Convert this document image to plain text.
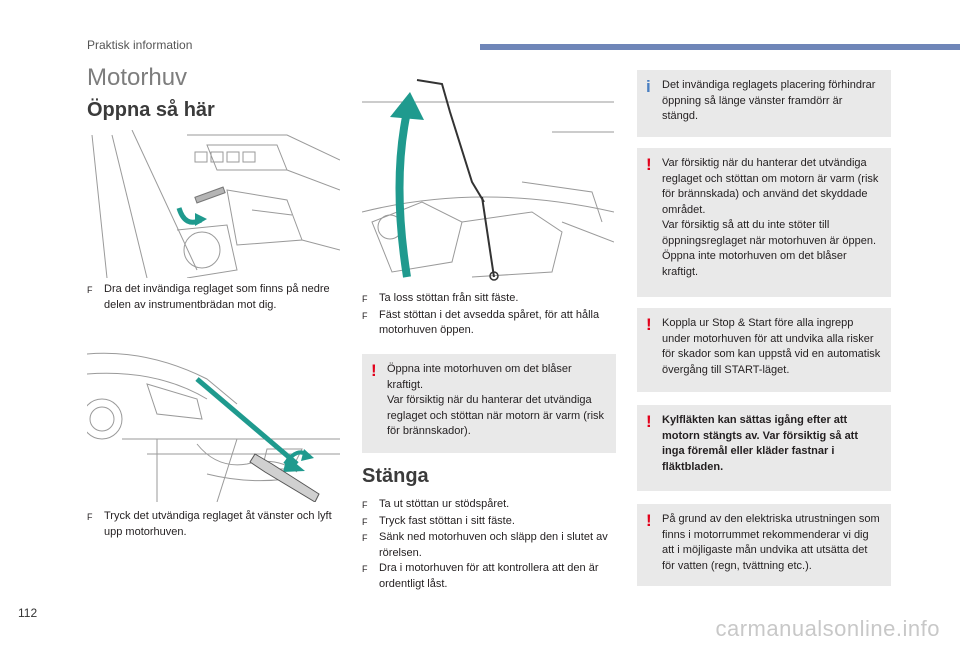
Praktisk information
Motorhuv
Öppna så här
F	Dra det invändiga reglaget som finns på nedre delen av instrumentbrädan mot dig.
F	Tryck det utvändiga reglaget åt vänster och lyft upp motorhuven.
F	Ta loss stöttan från sitt fäste.
F	Fäst stöttan i det avsedda spåret, för att hålla motorhuven öppen.
! Öppna inte motorhuven om det blåser kraftigt.
Var försiktig när du hanterar det utvändiga reglaget och stöttan när motorn är varm (risk för brännskador).
Stänga
F	Ta ut stöttan ur stödspåret.
F	Tryck fast stöttan i sitt fäste.
F	Sänk ned motorhuven och släpp den i slutet av rörelsen.
F	Dra i motorhuven för att kontrollera att den är ordentligt låst.
i Det invändiga reglagets placering förhindrar öppning så länge vänster framdörr är stängd.
! Var försiktig när du hanterar det utvändiga reglaget och stöttan om motorn är varm (risk för brännskada) och använd det skyddade området.
Var försiktig så att du inte stöter till öppningsreglaget när motorhuven är öppen.
Öppna inte motorhuven om det blåser kraftigt.
! Koppla ur Stop & Start före alla ingrepp under motorhuven för att undvika alla risker för skador som kan uppstå vid en automatisk övergång till START-läget.
! Kylfläkten kan sättas igång efter att motorn stängts av. Var försiktig så att inga föremål eller kläder fastnar i fläktbladen.
! På grund av den elektriska utrustningen som finns i motorrummet rekommenderar vi dig att i möjligaste mån undvika att utsätta det för vatten (regn, tvättning etc.).
112
carmanualsonline.info
